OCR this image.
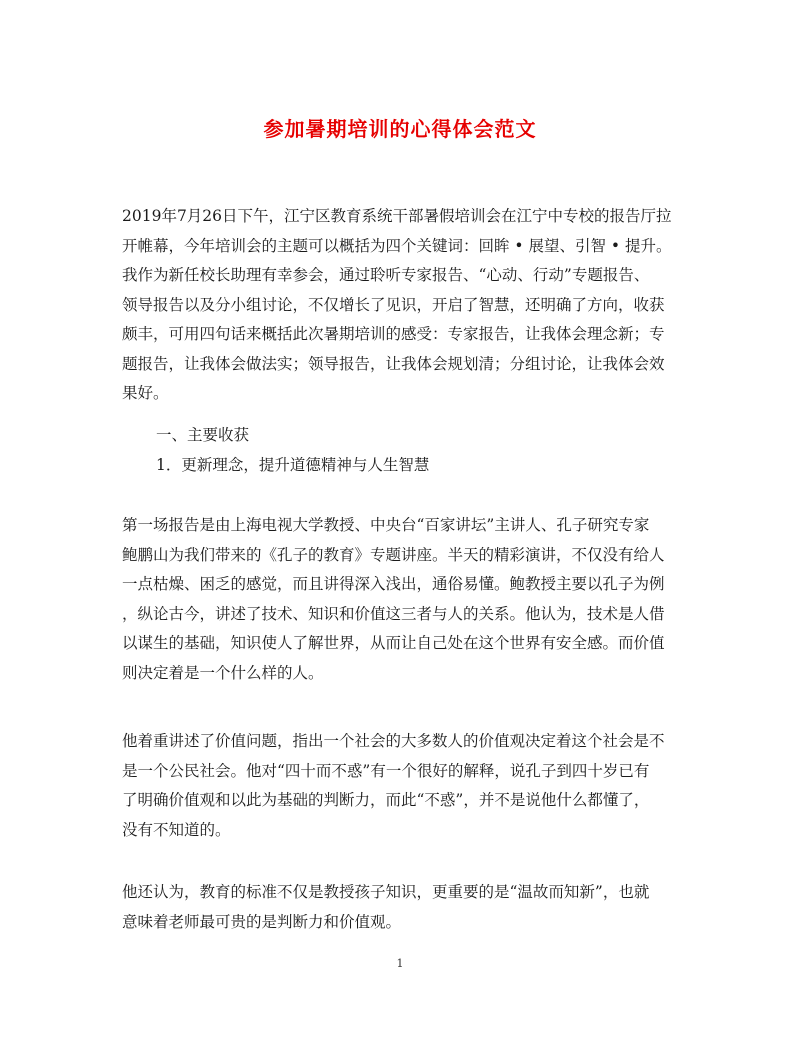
参加暑期培训的心得体会范文
2019年7月26日下午，江宁区教育系统干部暑假培训会在江宁中专校的报告厅拉
开帷幕，今年培训会的主题可以概括为四个关键词：回眸 • 展望、引智 • 提升。
我作为新任校长助理有幸参会，通过聆听专家报告、“心动、行动”专题报告、
领导报告以及分小组讨论，不仅增长了见识，开启了智慧，还明确了方向，收获
颇丰，可用四句话来概括此次暑期培训的感受：专家报告，让我体会理念新；专
题报告，让我体会做法实；领导报告，让我体会规划清；分组讨论，让我体会效
果好。
一、主要收获
1．更新理念，提升道德精神与人生智慧
第一场报告是由上海电视大学教授、中央台“百家讲坛”主讲人、孔子研究专家
鲍鹏山为我们带来的《孔子的教育》专题讲座。半天的精彩演讲，不仅没有给人
一点枯燥、困乏的感觉，而且讲得深入浅出，通俗易懂。鲍教授主要以孔子为例
，纵论古今，讲述了技术、知识和价值这三者与人的关系。他认为，技术是人借
以谋生的基础，知识使人了解世界，从而让自己处在这个世界有安全感。而价值
则决定着是一个什么样的人。
他着重讲述了价值问题，指出一个社会的大多数人的价值观决定着这个社会是不
是一个公民社会。他对“四十而不惑”有一个很好的解释，说孔子到四十岁已有
了明确价值观和以此为基础的判断力，而此“不惑”，并不是说他什么都懂了，
没有不知道的。
他还认为，教育的标准不仅是教授孩子知识，更重要的是“温故而知新”，也就
意味着老师最可贵的是判断力和价值观。
1
